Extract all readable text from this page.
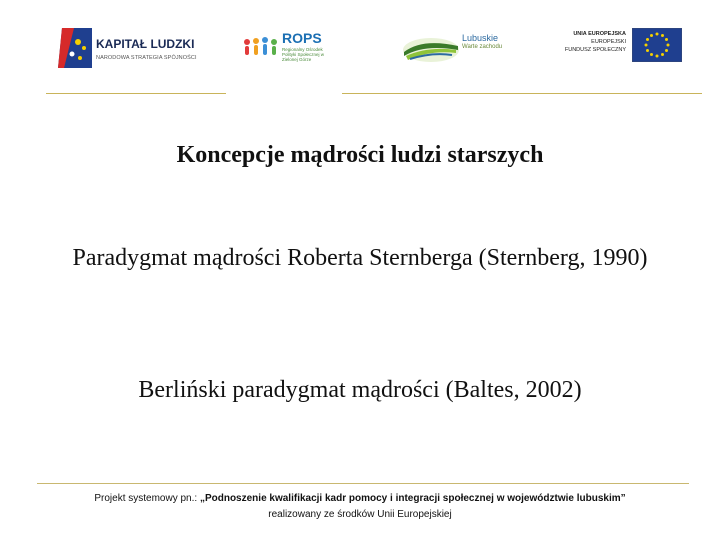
KAPITAŁ LUDZKI
NARODOWA STRATEGIA SPÓJNOŚCI
ROPS
Regionalny Ośrodek Polityki Społecznej w Zielonej Górze
Lubuskie
Warte zachodu
UNIA EUROPEJSKA
EUROPEJSKI
FUNDUSZ SPOŁECZNY
Koncepcje mądrości ludzi starszych
Paradygmat mądrości Roberta Sternberga (Sternberg, 1990)
Berliński paradygmat mądrości (Baltes, 2002)
Projekt systemowy pn.: „Podnoszenie kwalifikacji kadr pomocy i integracji społecznej w województwie lubuskim”
realizowany ze środków Unii Europejskiej
